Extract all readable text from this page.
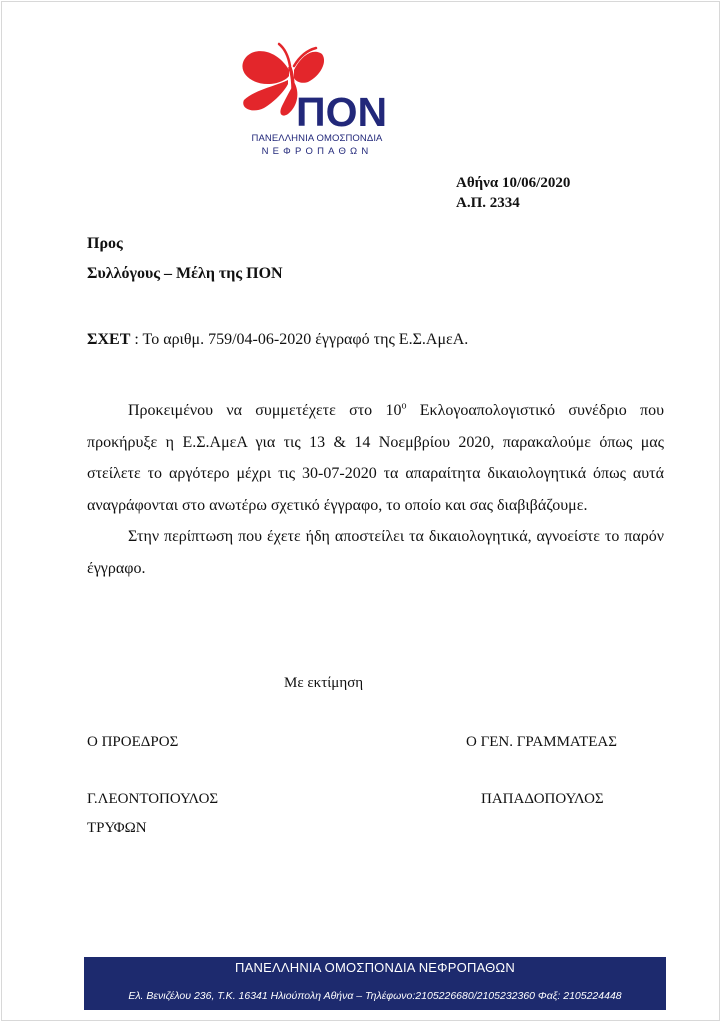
ΠΟΝ
ΠΑΝΕΛΛΗΝΙΑ ΟΜΟΣΠΟΝΔΙΑ
ΝΕΦΡΟΠΑΘΩΝ
Αθήνα 10/06/2020
Α.Π. 2334
Προς
Συλλόγους – Μέλη της ΠΟΝ
ΣΧΕΤ : Το αριθμ. 759/04-06-2020 έγγραφό της Ε.Σ.ΑμεΑ.

Προκειμένου να συμμετέχετε στο $10^o$ Εκλογοαπολογιστικό συνέδριο που προκήρυξε η Ε.Σ.ΑμεΑ για τις 13 & 14 Νοεμβρίου 2020, παρακαλούμε όπως μας στείλετε το αργότερο μέχρι τις 30-07-2020 τα απαραίτητα δικαιολογητικά όπως αυτά αναγράφονται στο ανωτέρω σχετικό έγγραφο, το οποίο και σας διαβιβάζουμε.

Στην περίπτωση που έχετε ήδη αποστείλει τα δικαιολογητικά, αγνοείστε το παρόν έγγραφο.

Με εκτίμηση
Ο ΠΡΟΕΔΡΟΣ	Ο ΓΕΝ. ΓΡΑΜΜΑΤΕΑΣ
Γ.ΛΕΟΝΤΟΠΟΥΛΟΣ
ΤΡΥΦΩΝ
ΠΑΠΑΔΟΠΟΥΛΟΣ
ΠΑΝΕΛΛΗΝΙΑ ΟΜΟΣΠΟΝΔΙΑ ΝΕΦΡΟΠΑΘΩΝ
Ελ. Βενιζέλου 236, Τ.Κ. 16341 Ηλιούπολη Αθήνα – Τηλέφωνο:2105226680/2105232360 Φαξ: 2105224448
